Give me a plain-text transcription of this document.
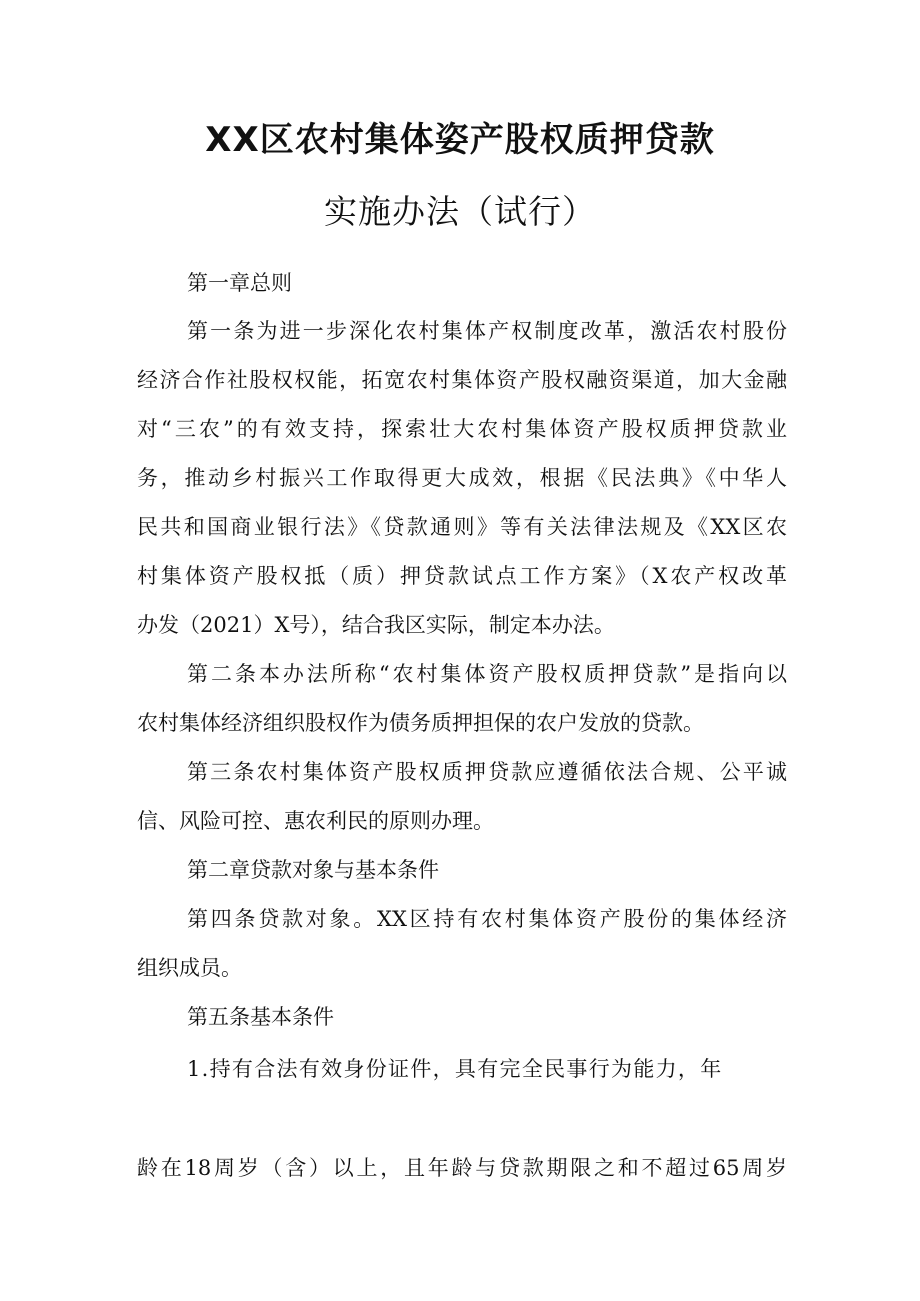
XX区农村集体姿产股权质押贷款
实施办法（试行）

第一章总则

第一条为进一步深化农村集体产权制度改革，激活农村股份

经济合作社股权权能，拓宽农村集体资产股权融资渠道，加大金融

对“三农”的有效支持，探索壮大农村集体资产股权质押贷款业

务，推动乡村振兴工作取得更大成效，根据《民法典》《中华人

民共和国商业银行法》《贷款通则》等有关法律法规及《XX区农

村集体资产股权抵（质）押贷款试点工作方案》（X农产权改革

办发（2021）X号），结合我区实际，制定本办法。

第二条本办法所称“农村集体资产股权质押贷款”是指向以

农村集体经济组织股权作为债务质押担保的农户发放的贷款。

第三条农村集体资产股权质押贷款应遵循依法合规、公平诚

信、风险可控、惠农利民的原则办理。

第二章贷款对象与基本条件

第四条贷款对象。XX区持有农村集体资产股份的集体经济

组织成员。

第五条基本条件

1.持有合法有效身份证件，具有完全民事行为能力，年

龄在18周岁（含）以上，且年龄与贷款期限之和不超过65周岁
